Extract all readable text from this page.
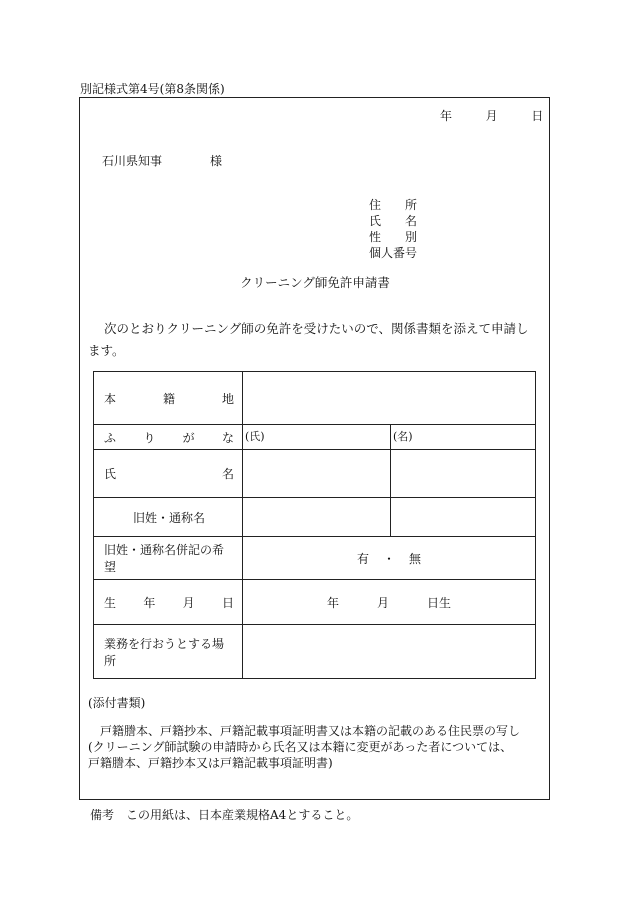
別記様式第4号(第8条関係)
年	月	日
石川県知事	様
住 所
氏 名
性 別
個人番号
クリーニング師免許申請書
次のとおりクリーニング師の免許を受けたいので、関係書類を添えて申請します。
本 籍 地		

ふ り が な	(氏)	(名)

氏 名		

旧姓・通称名		
旧姓・通称名併記の希望	有 ・ 無	

生 年 月 日	年 月 日生	
業務を行おうとする場所		
(添付書類)
戸籍謄本、戸籍抄本、戸籍記載事項証明書又は本籍の記載のある住民票の写し
(クリーニング師試験の申請時から氏名又は本籍に変更があった者については、
戸籍謄本、戸籍抄本又は戸籍記載事項証明書)
備考 この用紙は、日本産業規格A4とすること。
